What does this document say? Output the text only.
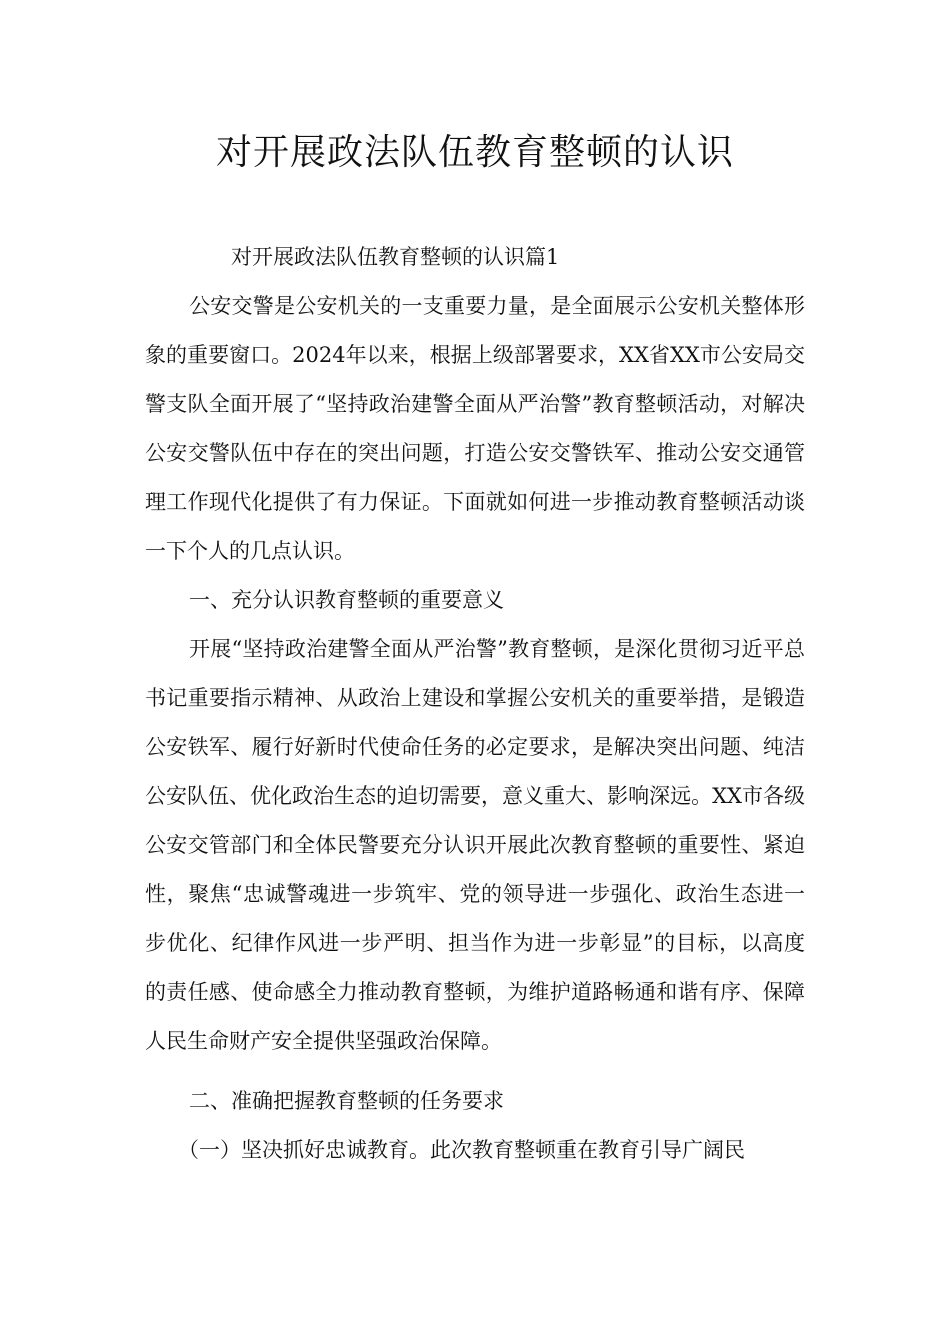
对开展政法队伍教育整顿的认识

对开展政法队伍教育整顿的认识篇1

公安交警是公安机关的一支重要力量，是全面展示公安机关整体形象的重要窗口。2024年以来，根据上级部署要求，XX省XX市公安局交警支队全面开展了“坚持政治建警全面从严治警”教育整顿活动，对解决公安交警队伍中存在的突出问题，打造公安交警铁军、推动公安交通管理工作现代化提供了有力保证。下面就如何进一步推动教育整顿活动谈一下个人的几点认识。

一、充分认识教育整顿的重要意义

开展“坚持政治建警全面从严治警”教育整顿，是深化贯彻习近平总书记重要指示精神、从政治上建设和掌握公安机关的重要举措，是锻造公安铁军、履行好新时代使命任务的必定要求，是解决突出问题、纯洁公安队伍、优化政治生态的迫切需要，意义重大、影响深远。XX市各级公安交管部门和全体民警要充分认识开展此次教育整顿的重要性、紧迫性，聚焦“忠诚警魂进一步筑牢、党的领导进一步强化、政治生态进一步优化、纪律作风进一步严明、担当作为进一步彰显”的目标，以高度的责任感、使命感全力推动教育整顿，为维护道路畅通和谐有序、保障人民生命财产安全提供坚强政治保障。

二、准确把握教育整顿的任务要求

（一）坚决抓好忠诚教育。此次教育整顿重在教育引导广阔民
